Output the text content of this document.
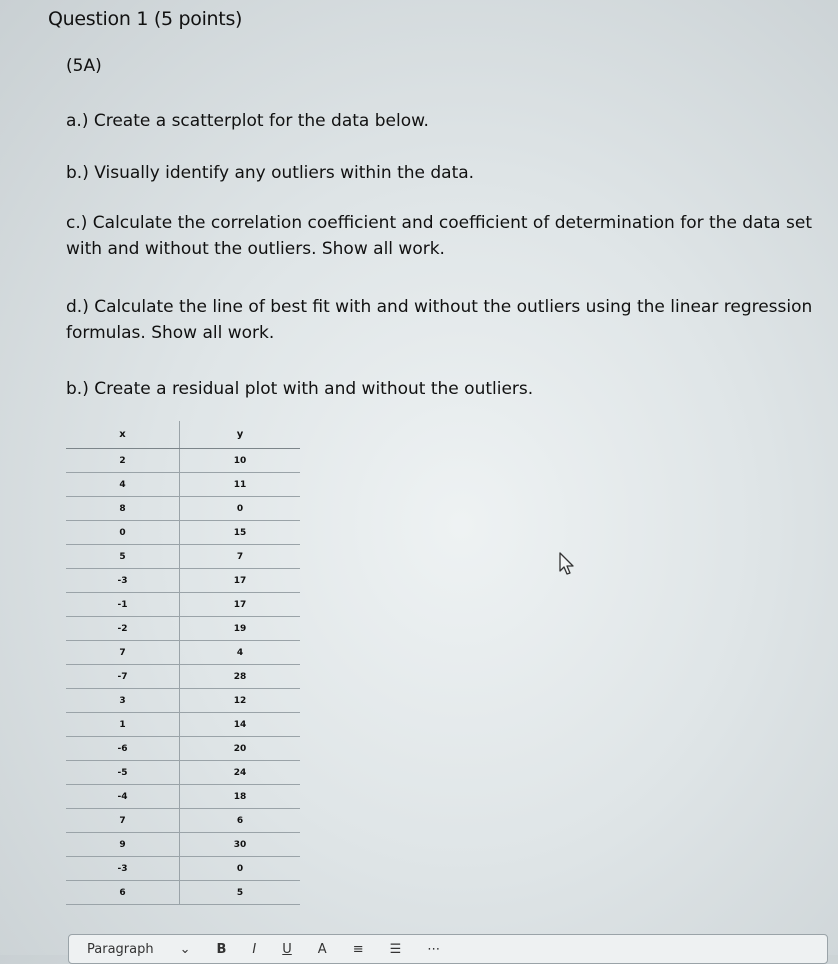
Question 1 (5 points)
(5A)
a.) Create a scatterplot for the data below.
b.) Visually identify any outliers within the data.
c.) Calculate the correlation coefficient and coefficient of determination for the data set with and without the outliers. Show all work.
d.) Calculate the line of best fit with and without the outliers using the linear regression formulas. Show all work.
b.) Create a residual plot with and without the outliers.
x	y
2	10
4	11
8	0
0	15
5	7
-3	17
-1	17
-2	19
7	4
-7	28
3	12
1	14
-6	20
-5	24
-4	18
7	6
9	30
-3	0
6	5
Paragraph ⌄ B I U A ≡ ☰ ⋯
